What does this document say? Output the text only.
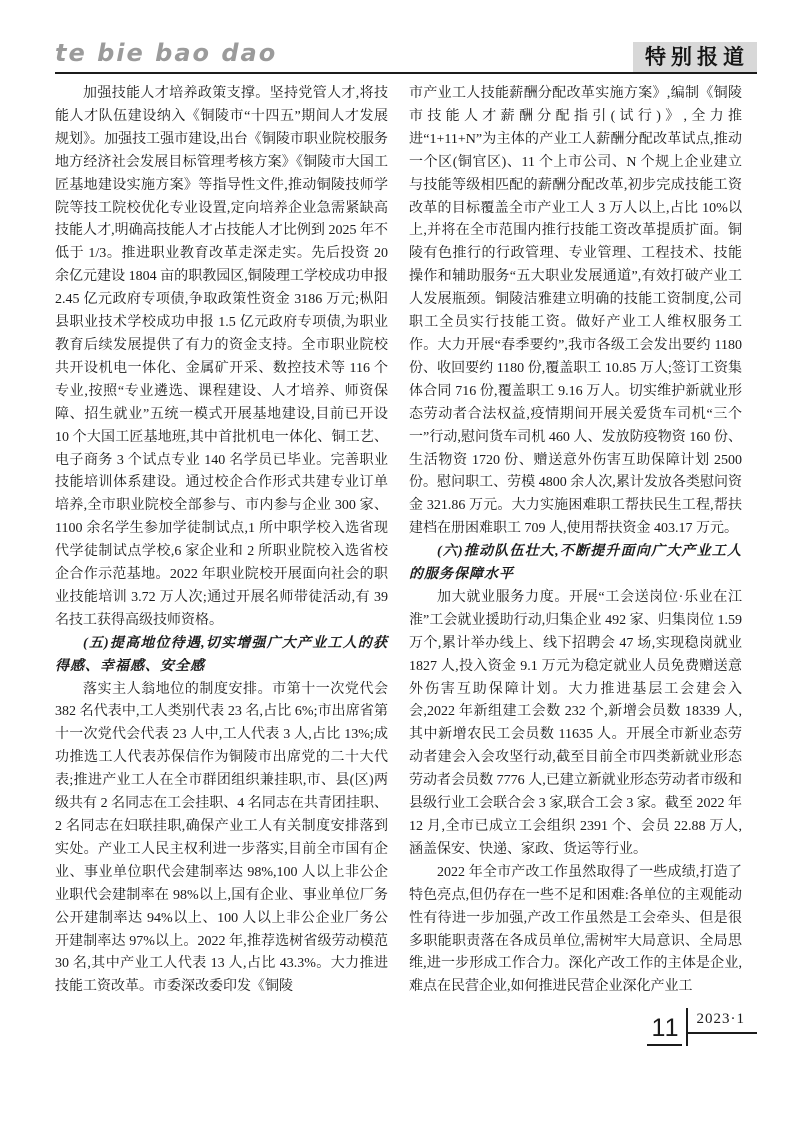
te bie bao dao	特别报道

加强技能人才培养政策支撑。坚持党管人才,将技能人才队伍建设纳入《铜陵市“十四五”期间人才发展规划》。加强技工强市建设,出台《铜陵市职业院校服务地方经济社会发展目标管理考核方案》《铜陵市大国工匠基地建设实施方案》等指导性文件,推动铜陵技师学院等技工院校优化专业设置,定向培养企业急需紧缺高技能人才,明确高技能人才占技能人才比例到 2025 年不低于 1/3。推进职业教育改革走深走实。先后投资 20 余亿元建设 1804 亩的职教园区,铜陵理工学校成功申报 2.45 亿元政府专项债,争取政策性资金 3186 万元;枞阳县职业技术学校成功申报 1.5 亿元政府专项债,为职业教育后续发展提供了有力的资金支持。全市职业院校共开设机电一体化、金属矿开采、数控技术等 116 个专业,按照“专业遴选、课程建设、人才培养、师资保障、招生就业”五统一模式开展基地建设,目前已开设 10 个大国工匠基地班,其中首批机电一体化、铜工艺、电子商务 3 个试点专业 140 名学员已毕业。完善职业技能培训体系建设。通过校企合作形式共建专业订单培养,全市职业院校全部参与、市内参与企业 300 家、1100 余名学生参加学徒制试点,1 所中职学校入选省现代学徒制试点学校,6 家企业和 2 所职业院校入选省校企合作示范基地。2022 年职业院校开展面向社会的职业技能培训 3.72 万人次;通过开展名师带徒活动,有 39 名技工获得高级技师资格。

(五)提高地位待遇,切实增强广大产业工人的获得感、幸福感、安全感

落实主人翁地位的制度安排。市第十一次党代会 382 名代表中,工人类别代表 23 名,占比 6%;市出席省第十一次党代会代表 23 人中,工人代表 3 人,占比 13%;成功推选工人代表苏保信作为铜陵市出席党的二十大代表;推进产业工人在全市群团组织兼挂职,市、县(区)两级共有 2 名同志在工会挂职、4 名同志在共青团挂职、2 名同志在妇联挂职,确保产业工人有关制度安排落到实处。产业工人民主权利进一步落实,目前全市国有企业、事业单位职代会建制率达 98%,100 人以上非公企业职代会建制率在 98%以上,国有企业、事业单位厂务公开建制率达 94%以上、100 人以上非公企业厂务公开建制率达 97%以上。2022 年,推荐选树省级劳动模范 30 名,其中产业工人代表 13 人,占比 43.3%。大力推进技能工资改革。市委深改委印发《铜陵

市产业工人技能薪酬分配改革实施方案》,编制《铜陵市技能人才薪酬分配指引(试行)》,全力推进“1+11+N”为主体的产业工人薪酬分配改革试点,推动一个区(铜官区)、11 个上市公司、N 个规上企业建立与技能等级相匹配的薪酬分配改革,初步完成技能工资改革的目标覆盖全市产业工人 3 万人以上,占比 10%以上,并将在全市范围内推行技能工资改革提质扩面。铜陵有色推行的行政管理、专业管理、工程技术、技能操作和辅助服务“五大职业发展通道”,有效打破产业工人发展瓶颈。铜陵洁雅建立明确的技能工资制度,公司职工全员实行技能工资。做好产业工人维权服务工作。大力开展“春季要约”,我市各级工会发出要约 1180 份、收回要约 1180 份,覆盖职工 10.85 万人;签订工资集体合同 716 份,覆盖职工 9.16 万人。切实维护新就业形态劳动者合法权益,疫情期间开展关爱货车司机“三个一”行动,慰问货车司机 460 人、发放防疫物资 160 份、生活物资 1720 份、赠送意外伤害互助保障计划 2500 份。慰问职工、劳模 4800 余人次,累计发放各类慰问资金 321.86 万元。大力实施困难职工帮扶民生工程,帮扶建档在册困难职工 709 人,使用帮扶资金 403.17 万元。

(六)推动队伍壮大,不断提升面向广大产业工人的服务保障水平

加大就业服务力度。开展“工会送岗位·乐业在江淮”工会就业援助行动,归集企业 492 家、归集岗位 1.59 万个,累计举办线上、线下招聘会 47 场,实现稳岗就业 1827 人,投入资金 9.1 万元为稳定就业人员免费赠送意外伤害互助保障计划。大力推进基层工会建会入会,2022 年新组建工会数 232 个,新增会员数 18339 人,其中新增农民工会员数 11635 人。开展全市新业态劳动者建会入会攻坚行动,截至目前全市四类新就业形态劳动者会员数 7776 人,已建立新就业形态劳动者市级和县级行业工会联合会 3 家,联合工会 3 家。截至 2022 年 12 月,全市已成立工会组织 2391 个、会员 22.88 万人,涵盖保安、快递、家政、货运等行业。

2022 年全市产改工作虽然取得了一些成绩,打造了特色亮点,但仍存在一些不足和困难:各单位的主观能动性有待进一步加强,产改工作虽然是工会牵头、但是很多职能职责落在各成员单位,需树牢大局意识、全局思维,进一步形成工作合力。深化产改工作的主体是企业,难点在民营企业,如何推进民营企业深化产业工

11	2023·1
